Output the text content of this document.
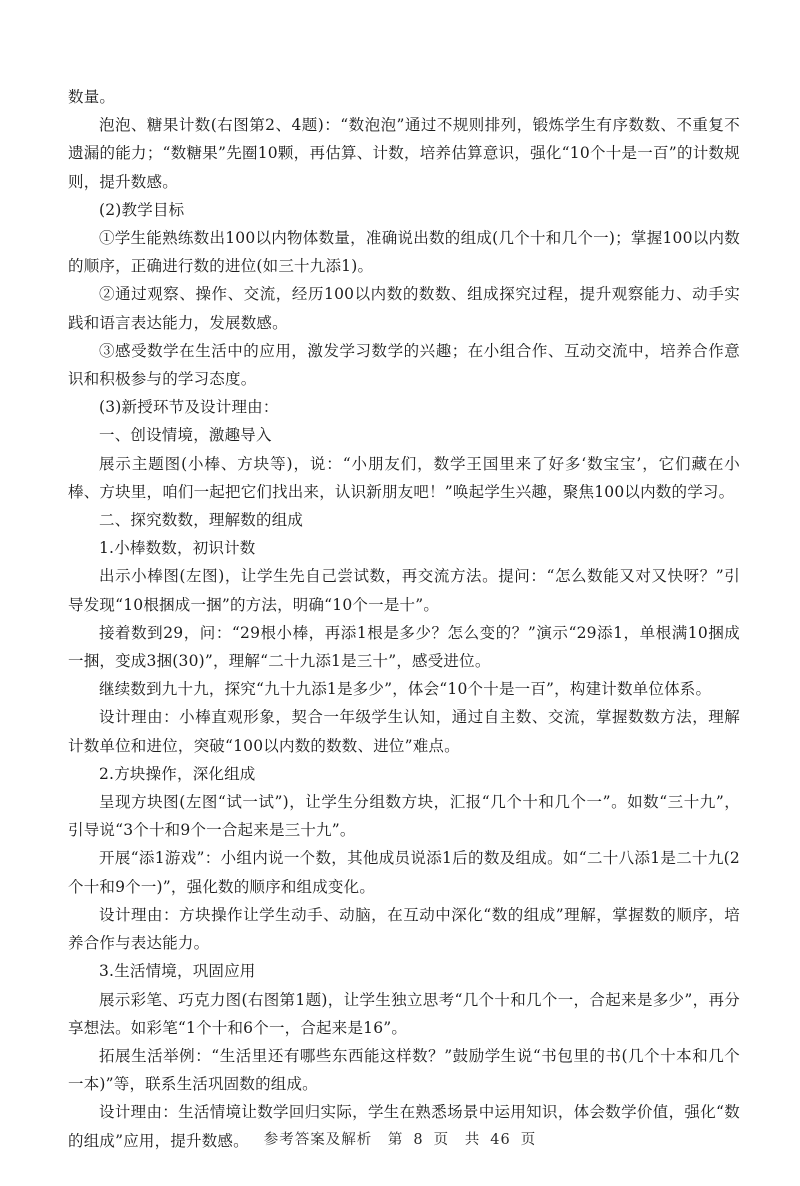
数量。

泡泡、糖果计数(右图第2、4题)：“数泡泡”通过不规则排列，锻炼学生有序数数、不重复不遗漏的能力；“数糖果”先圈10颗，再估算、计数，培养估算意识，强化“10个十是一百”的计数规则，提升数感。

(2)教学目标

①学生能熟练数出100以内物体数量，准确说出数的组成(几个十和几个一)；掌握100以内数的顺序，正确进行数的进位(如三十九添1)。

②通过观察、操作、交流，经历100以内数的数数、组成探究过程，提升观察能力、动手实践和语言表达能力，发展数感。

③感受数学在生活中的应用，激发学习数学的兴趣；在小组合作、互动交流中，培养合作意识和积极参与的学习态度。

(3)新授环节及设计理由：

一、创设情境，激趣导入

展示主题图(小棒、方块等)，说：“小朋友们，数学王国里来了好多‘数宝宝’，它们藏在小棒、方块里，咱们一起把它们找出来，认识新朋友吧！”唤起学生兴趣，聚焦100以内数的学习。

二、探究数数，理解数的组成

1.小棒数数，初识计数

出示小棒图(左图)，让学生先自己尝试数，再交流方法。提问：“怎么数能又对又快呀？”引导发现“10根捆成一捆”的方法，明确“10个一是十”。

接着数到29，问：“29根小棒，再添1根是多少？怎么变的？”演示“29添1，单根满10捆成一捆，变成3捆(30)”，理解“二十九添1是三十”，感受进位。

继续数到九十九，探究“九十九添1是多少”，体会“10个十是一百”，构建计数单位体系。

设计理由：小棒直观形象，契合一年级学生认知，通过自主数、交流，掌握数数方法，理解计数单位和进位，突破“100以内数的数数、进位”难点。

2.方块操作，深化组成

呈现方块图(左图“试一试”)，让学生分组数方块，汇报“几个十和几个一”。如数“三十九”，引导说“3个十和9个一合起来是三十九”。

开展“添1游戏”：小组内说一个数，其他成员说添1后的数及组成。如“二十八添1是二十九(2个十和9个一)”，强化数的顺序和组成变化。

设计理由：方块操作让学生动手、动脑，在互动中深化“数的组成”理解，掌握数的顺序，培养合作与表达能力。

3.生活情境，巩固应用

展示彩笔、巧克力图(右图第1题)，让学生独立思考“几个十和几个一，合起来是多少”，再分享想法。如彩笔“1个十和6个一，合起来是16”。

拓展生活举例：“生活里还有哪些东西能这样数？”鼓励学生说“书包里的书(几个十本和几个一本)”等，联系生活巩固数的组成。

设计理由：生活情境让数学回归实际，学生在熟悉场景中运用知识，体会数学价值，强化“数的组成”应用，提升数感。	参考答案及解析 第 8 页 共 46 页
